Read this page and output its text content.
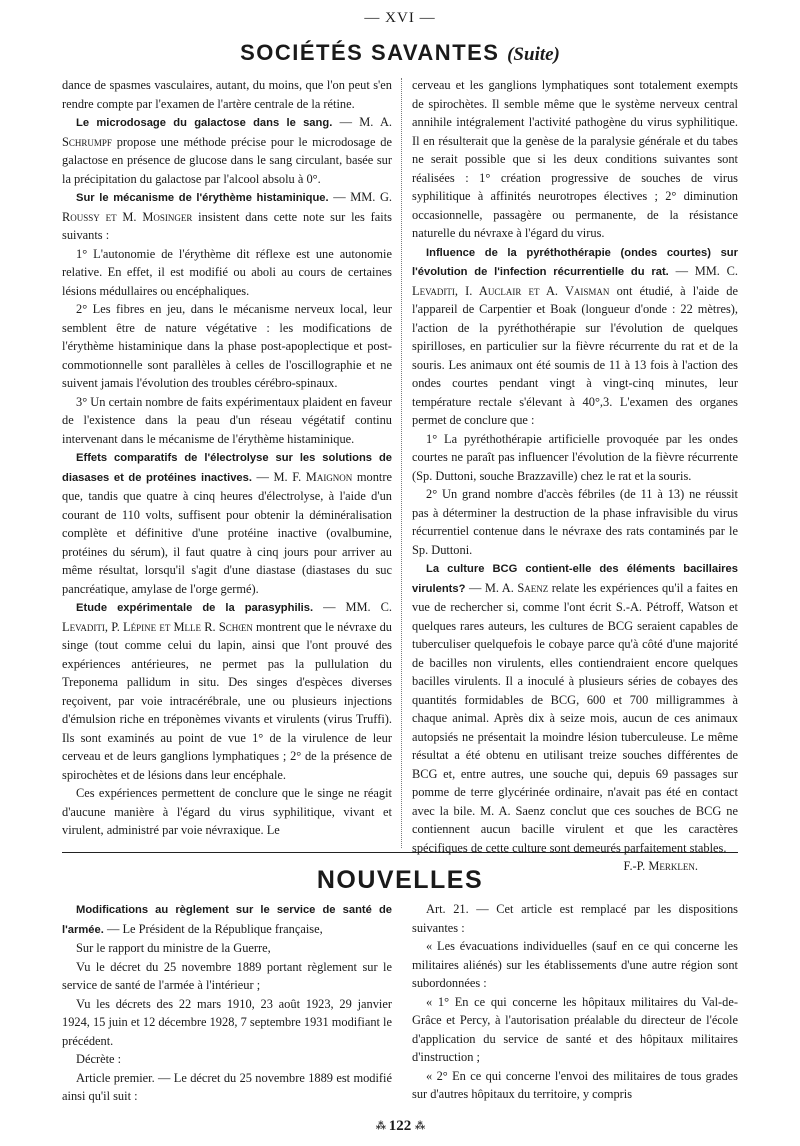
— XVI —
SOCIÉTÉS SAVANTES (Suite)

dance de spasmes vasculaires, autant, du moins, que l'on peut s'en rendre compte par l'examen de l'artère centrale de la rétine.

Le microdosage du galactose dans le sang. — M. A. Schrumpf propose une méthode précise pour le microdosage de galactose en présence de glucose dans le sang circulant, basée sur la précipitation du galactose par l'alcool absolu à 0°.

Sur le mécanisme de l'érythème histaminique. — MM. G. Roussy et M. Mosinger insistent dans cette note sur les faits suivants :

1° L'autonomie de l'érythème dit réflexe est une autonomie relative. En effet, il est modifié ou aboli au cours de certaines lésions médullaires ou encéphaliques.

2° Les fibres en jeu, dans le mécanisme nerveux local, leur semblent être de nature végétative : les modifications de l'érythème histaminique dans la phase post-apoplectique et post-commotionnelle sont parallèles à celles de l'oscillographie et ne suivent jamais l'évolution des troubles cérébro-spinaux.

3° Un certain nombre de faits expérimentaux plaident en faveur de l'existence dans la peau d'un réseau végétatif continu intervenant dans le mécanisme de l'érythème histaminique.

Effets comparatifs de l'électrolyse sur les solutions de diasases et de protéines inactives. — M. F. Maignon montre que, tandis que quatre à cinq heures d'électrolyse, à l'aide d'un courant de 110 volts, suffisent pour obtenir la déminéralisation complète et définitive d'une protéine inactive (ovalbumine, protéines du sérum), il faut quatre à cinq jours pour arriver au même résultat, lorsqu'il s'agit d'une diastase (diastases du suc pancréatique, amylase de l'orge germé).

Etude expérimentale de la parasyphilis. — MM. C. Levaditi, P. Lépine et Mlle R. Schœn montrent que le névraxe du singe (tout comme celui du lapin, ainsi que l'ont prouvé des expériences antérieures, ne permet pas la pullulation du Treponema pallidum in situ. Des singes d'espèces diverses reçoivent, par voie intracérébrale, une ou plusieurs injections d'émulsion riche en tréponèmes vivants et virulents (virus Truffi). Ils sont examinés au point de vue 1° de la virulence de leur cerveau et de leurs ganglions lymphatiques ; 2° de la présence de spirochètes et de lésions dans leur encéphale.

Ces expériences permettent de conclure que le singe ne réagit d'aucune manière à l'égard du virus syphilitique, vivant et virulent, administré par voie névraxique. Le

cerveau et les ganglions lymphatiques sont totalement exempts de spirochètes. Il semble même que le système nerveux central annihile intégralement l'activité pathogène du virus syphilitique. Il en résulterait que la genèse de la paralysie générale et du tabes ne serait possible que si les deux conditions suivantes sont réalisées : 1° création progressive de souches de virus syphilitique à affinités neurotropes électives ; 2° diminution occasionnelle, passagère ou permanente, de la résistance naturelle du névraxe à l'égard du virus.

Influence de la pyréthothérapie (ondes courtes) sur l'évolution de l'infection récurrentielle du rat. — MM. C. Levaditi, I. Auclair et A. Vaisman ont étudié, à l'aide de l'appareil de Carpentier et Boak (longueur d'onde : 22 mètres), l'action de la pyréthothérapie sur l'évolution de quelques spirilloses, en particulier sur la fièvre récurrente du rat et de la souris. Les animaux ont été soumis de 11 à 13 fois à l'action des ondes courtes pendant vingt à vingt-cinq minutes, leur température rectale s'élevant à 40°,3. L'examen des organes permet de conclure que :

1° La pyréthothérapie artificielle provoquée par les ondes courtes ne paraît pas influencer l'évolution de la fièvre récurrente (Sp. Duttoni, souche Brazzaville) chez le rat et la souris.

2° Un grand nombre d'accès fébriles (de 11 à 13) ne réussit pas à déterminer la destruction de la phase infravisible du virus récurrentiel contenue dans le névraxe des rats contaminés par le Sp. Duttoni.

La culture BCG contient-elle des éléments bacillaires virulents? — M. A. Saenz relate les expériences qu'il a faites en vue de rechercher si, comme l'ont écrit S.-A. Pétroff, Watson et quelques rares auteurs, les cultures de BCG seraient capables de tuberculiser quelquefois le cobaye parce qu'à côté d'une majorité de bacilles non virulents, elles contiendraient encore quelques bacilles virulents. Il a inoculé à plusieurs séries de cobayes des quantités formidables de BCG, 600 et 700 milligrammes à chaque animal. Après dix à seize mois, aucun de ces animaux autopsiés ne présentait la moindre lésion tuberculeuse. Le même résultat a été obtenu en utilisant treize souches différentes de BCG et, entre autres, une souche qui, depuis 69 passages sur pomme de terre glycérinée ordinaire, n'avait pas été en contact avec la bile. M. A. Saenz conclut que ces souches de BCG ne contiennent aucun bacille virulent et que les caractères spécifiques de cette culture sont demeurés parfaitement stables.

F.-P. Merklen.

NOUVELLES

Modifications au règlement sur le service de santé de l'armée. — Le Président de la République française,

Sur le rapport du ministre de la Guerre,

Vu le décret du 25 novembre 1889 portant règlement sur le service de santé de l'armée à l'intérieur ;

Vu les décrets des 22 mars 1910, 23 août 1923, 29 janvier 1924, 15 juin et 12 décembre 1928, 7 septembre 1931 modifiant le précédent.

Décrète :

Article premier. — Le décret du 25 novembre 1889 est modifié ainsi qu'il suit :

Art. 21. — Cet article est remplacé par les dispositions suivantes :

« Les évacuations individuelles (sauf en ce qui concerne les militaires aliénés) sur les établissements d'une autre région sont subordonnées :

« 1° En ce qui concerne les hôpitaux militaires du Val-de-Grâce et Percy, à l'autorisation préalable du directeur de l'école d'application du service de santé et des hôpitaux militaires d'instruction ;

« 2° En ce qui concerne l'envoi des militaires de tous grades sur d'autres hôpitaux du territoire, y compris

⁂ 122 ⁂
